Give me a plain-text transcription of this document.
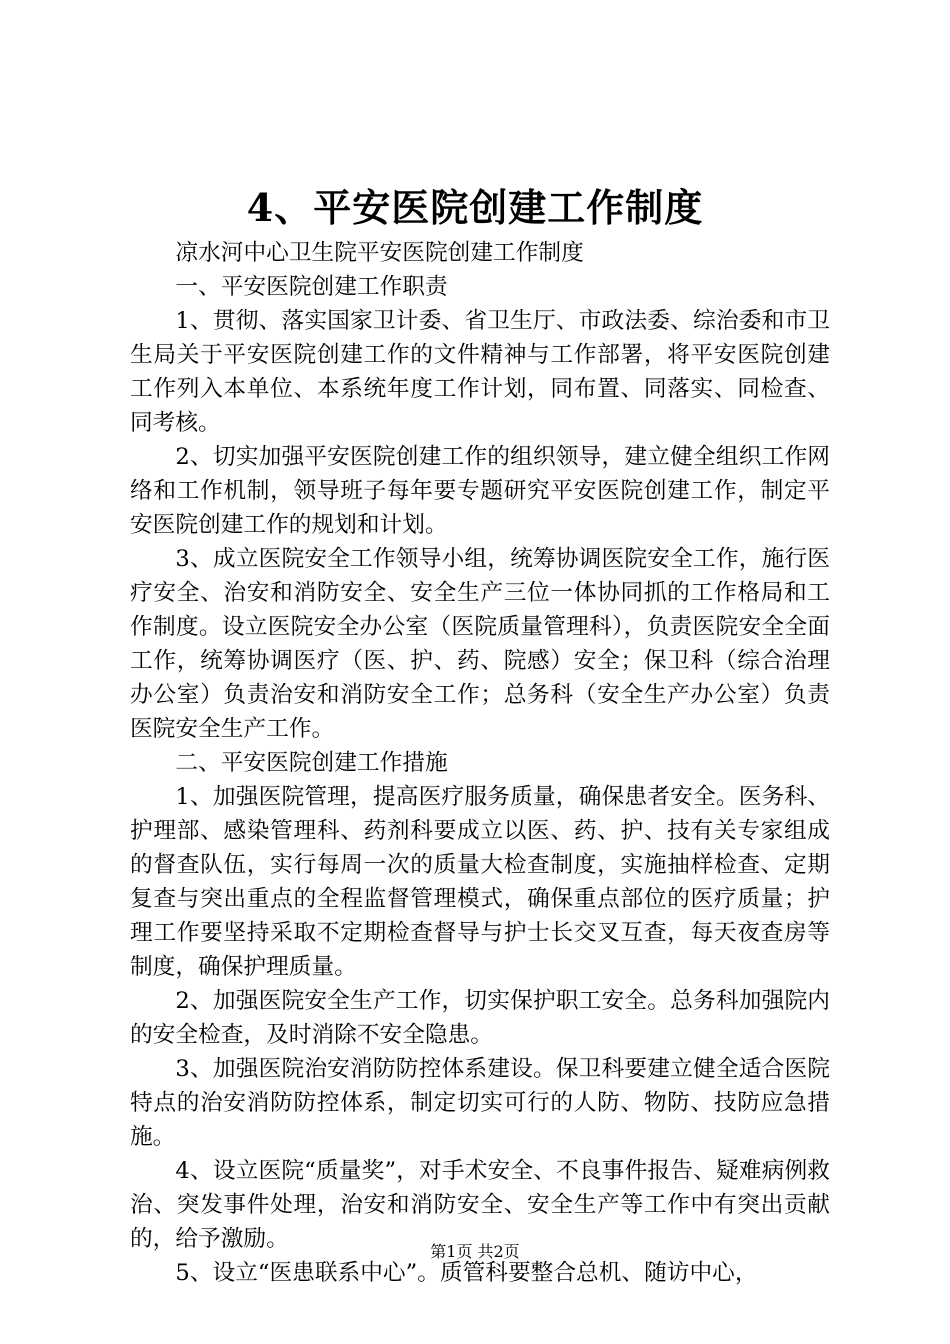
4、平安医院创建工作制度

凉水河中心卫生院平安医院创建工作制度

一、平安医院创建工作职责

1、贯彻、落实国家卫计委、省卫生厅、市政法委、综治委和市卫生局关于平安医院创建工作的文件精神与工作部署，将平安医院创建工作列入本单位、本系统年度工作计划，同布置、同落实、同检查、同考核。

2、切实加强平安医院创建工作的组织领导，建立健全组织工作网络和工作机制，领导班子每年要专题研究平安医院创建工作，制定平安医院创建工作的规划和计划。

3、成立医院安全工作领导小组，统筹协调医院安全工作，施行医疗安全、治安和消防安全、安全生产三位一体协同抓的工作格局和工作制度。设立医院安全办公室（医院质量管理科），负责医院安全全面工作，统筹协调医疗（医、护、药、院感）安全；保卫科（综合治理办公室）负责治安和消防安全工作；总务科（安全生产办公室）负责医院安全生产工作。

二、平安医院创建工作措施

1、加强医院管理，提高医疗服务质量，确保患者安全。医务科、护理部、感染管理科、药剂科要成立以医、药、护、技有关专家组成的督查队伍，实行每周一次的质量大检查制度，实施抽样检查、定期复查与突出重点的全程监督管理模式，确保重点部位的医疗质量；护理工作要坚持采取不定期检查督导与护士长交叉互查，每天夜查房等制度，确保护理质量。

2、加强医院安全生产工作，切实保护职工安全。总务科加强院内的安全检查，及时消除不安全隐患。

3、加强医院治安消防防控体系建设。保卫科要建立健全适合医院特点的治安消防防控体系，制定切实可行的人防、物防、技防应急措施。

4、设立医院“质量奖”，对手术安全、不良事件报告、疑难病例救治、突发事件处理，治安和消防安全、安全生产等工作中有突出贡献的，给予激励。

5、设立“医患联系中心”。质管科要整合总机、随访中心，

第1页 共2页
